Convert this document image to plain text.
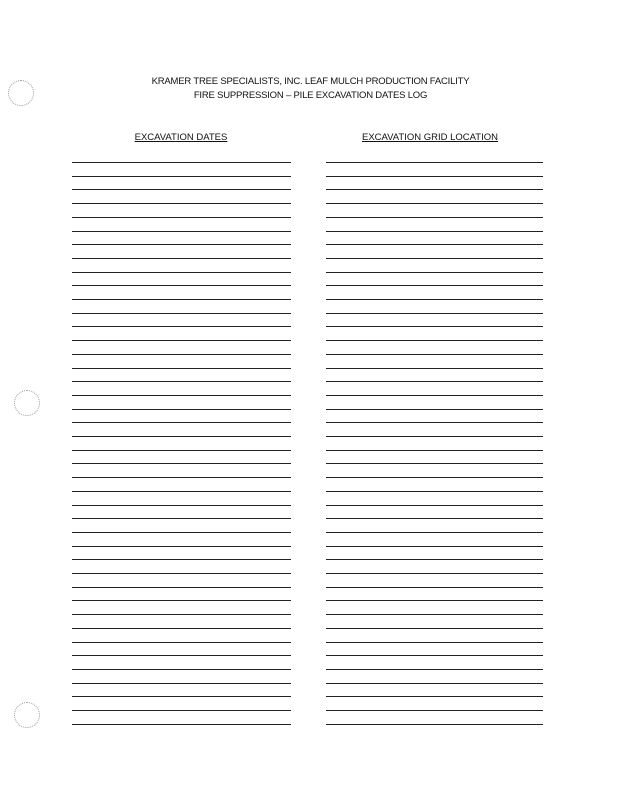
KRAMER TREE SPECIALISTS, INC. LEAF MULCH PRODUCTION FACILITY
FIRE SUPPRESSION – PILE EXCAVATION DATES LOG
EXCAVATION DATES	EXCAVATION GRID LOCATION
